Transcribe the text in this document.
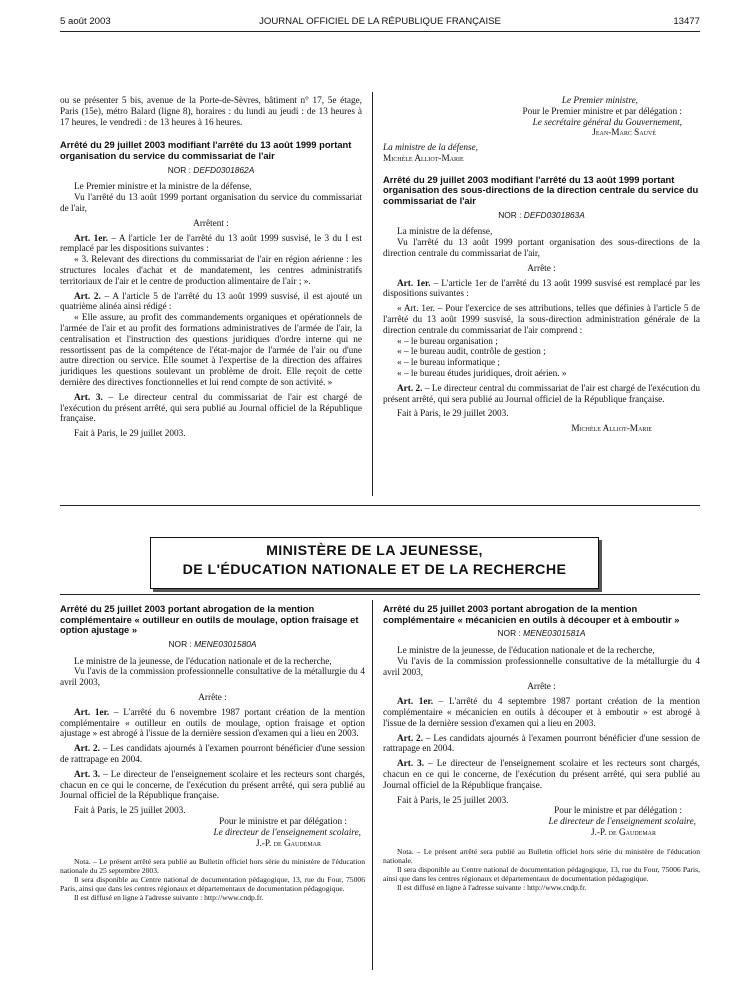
5 août 2003	JOURNAL OFFICIEL DE LA RÉPUBLIQUE FRANÇAISE	13477

ou se présenter 5 bis, avenue de la Porte-de-Sèvres, bâtiment n° 17, 5e étage, Paris (15e), métro Balard (ligne 8), horaires : du lundi au jeudi : de 13 heures à 17 heures, le vendredi : de 13 heures à 16 heures.

Arrêté du 29 juillet 2003 modifiant l'arrêté du 13 août 1999 portant organisation du service du commissariat de l'air

NOR : DEFD0301862A

Le Premier ministre et la ministre de la défense,

Vu l'arrêté du 13 août 1999 portant organisation du service du commissariat de l'air,

Arrêtent :

Art. 1er. – A l'article 1er de l'arrêté du 13 août 1999 susvisé, le 3 du I est remplacé par les dispositions suivantes :

« 3. Relevant des directions du commissariat de l'air en région aérienne : les structures locales d'achat et de mandatement, les centres administratifs territoriaux de l'air et le centre de production alimentaire de l'air ; ».

Art. 2. – A l'article 5 de l'arrêté du 13 août 1999 susvisé, il est ajouté un quatrième alinéa ainsi rédigé :

« Elle assure, au profit des commandements organiques et opérationnels de l'armée de l'air et au profit des formations administratives de l'armée de l'air, la centralisation et l'instruction des questions juridiques d'ordre interne qui ne ressortissent pas de la compétence de l'état-major de l'armée de l'air ou d'une autre direction ou service. Elle soumet à l'expertise de la direction des affaires juridiques les questions soulevant un problème de droit. Elle reçoit de cette dernière des directives fonctionnelles et lui rend compte de son activité. »

Art. 3. – Le directeur central du commissariat de l'air est chargé de l'exécution du présent arrêté, qui sera publié au Journal officiel de la République française.

Fait à Paris, le 29 juillet 2003.

Le Premier ministre,

Pour le Premier ministre et par délégation :

Le secrétaire général du Gouvernement,

Jean-Marc Sauvé

La ministre de la défense,

Michèle Alliot-Marie

Arrêté du 29 juillet 2003 modifiant l'arrêté du 13 août 1999 portant organisation des sous-directions de la direction centrale du service du commissariat de l'air

NOR : DEFD0301863A

La ministre de la défense,

Vu l'arrêté du 13 août 1999 portant organisation des sous-directions de la direction centrale du commissariat de l'air,

Arrête :

Art. 1er. – L'article 1er de l'arrêté du 13 août 1999 susvisé est remplacé par les dispositions suivantes :

« Art. 1er. – Pour l'exercice de ses attributions, telles que définies à l'article 5 de l'arrêté du 13 août 1999 susvisé, la sous-direction administration générale de la direction centrale du commissariat de l'air comprend :

« – le bureau organisation ;
« – le bureau audit, contrôle de gestion ;
« – le bureau informatique ;
« – le bureau études juridiques, droit aérien. »

Art. 2. – Le directeur central du commissariat de l'air est chargé de l'exécution du présent arrêté, qui sera publié au Journal officiel de la République française.

Fait à Paris, le 29 juillet 2003.

Michèle Alliot-Marie

MINISTÈRE DE LA JEUNESSE,
DE L'ÉDUCATION NATIONALE ET DE LA RECHERCHE

Arrêté du 25 juillet 2003 portant abrogation de la mention complémentaire « outilleur en outils de moulage, option fraisage et option ajustage »

NOR : MENE0301580A

Le ministre de la jeunesse, de l'éducation nationale et de la recherche,

Vu l'avis de la commission professionnelle consultative de la métallurgie du 4 avril 2003,

Arrête :

Art. 1er. – L'arrêté du 6 novembre 1987 portant création de la mention complémentaire « outilleur en outils de moulage, option fraisage et option ajustage » est abrogé à l'issue de la dernière session d'examen qui a lieu en 2003.

Art. 2. – Les candidats ajournés à l'examen pourront bénéficier d'une session de rattrapage en 2004.

Art. 3. – Le directeur de l'enseignement scolaire et les recteurs sont chargés, chacun en ce qui le concerne, de l'exécution du présent arrêté, qui sera publié au Journal officiel de la République française.

Fait à Paris, le 25 juillet 2003.

Pour le ministre et par délégation :

Le directeur de l'enseignement scolaire,

J.-P. de Gaudemar

Nota. – Le présent arrêté sera publié au Bulletin officiel hors série du ministère de l'éducation nationale du 25 septembre 2003.

Il sera disponible au Centre national de documentation pédagogique, 13, rue du Four, 75006 Paris, ainsi que dans les centres régionaux et départementaux de documentation pédagogique.

Il est diffusé en ligne à l'adresse suivante : http://www.cndp.fr.

Arrêté du 25 juillet 2003 portant abrogation de la mention complémentaire « mécanicien en outils à découper et à emboutir »

NOR : MENE0301581A

Le ministre de la jeunesse, de l'éducation nationale et de la recherche,

Vu l'avis de la commission professionnelle consultative de la métallurgie du 4 avril 2003,

Arrête :

Art. 1er. – L'arrêté du 4 septembre 1987 portant création de la mention complémentaire « mécanicien en outils à découper et à emboutir » est abrogé à l'issue de la dernière session d'examen qui a lieu en 2003.

Art. 2. – Les candidats ajournés à l'examen pourront bénéficier d'une session de rattrapage en 2004.

Art. 3. – Le directeur de l'enseignement scolaire et les recteurs sont chargés, chacun en ce qui le concerne, de l'exécution du présent arrêté, qui sera publié au Journal officiel de la République française.

Fait à Paris, le 25 juillet 2003.

Pour le ministre et par délégation :

Le directeur de l'enseignement scolaire,

J.-P. de Gaudemar

Nota. – Le présent arrêté sera publié au Bulletin officiel hors série du ministère de l'éducation nationale.

Il sera disponible au Centre national de documentation pédagogique, 13, rue du Four, 75006 Paris, ainsi que dans les centres régionaux et départementaux de documentation pédagogique.

Il est diffusé en ligne à l'adresse suivante : http://www.cndp.fr.
